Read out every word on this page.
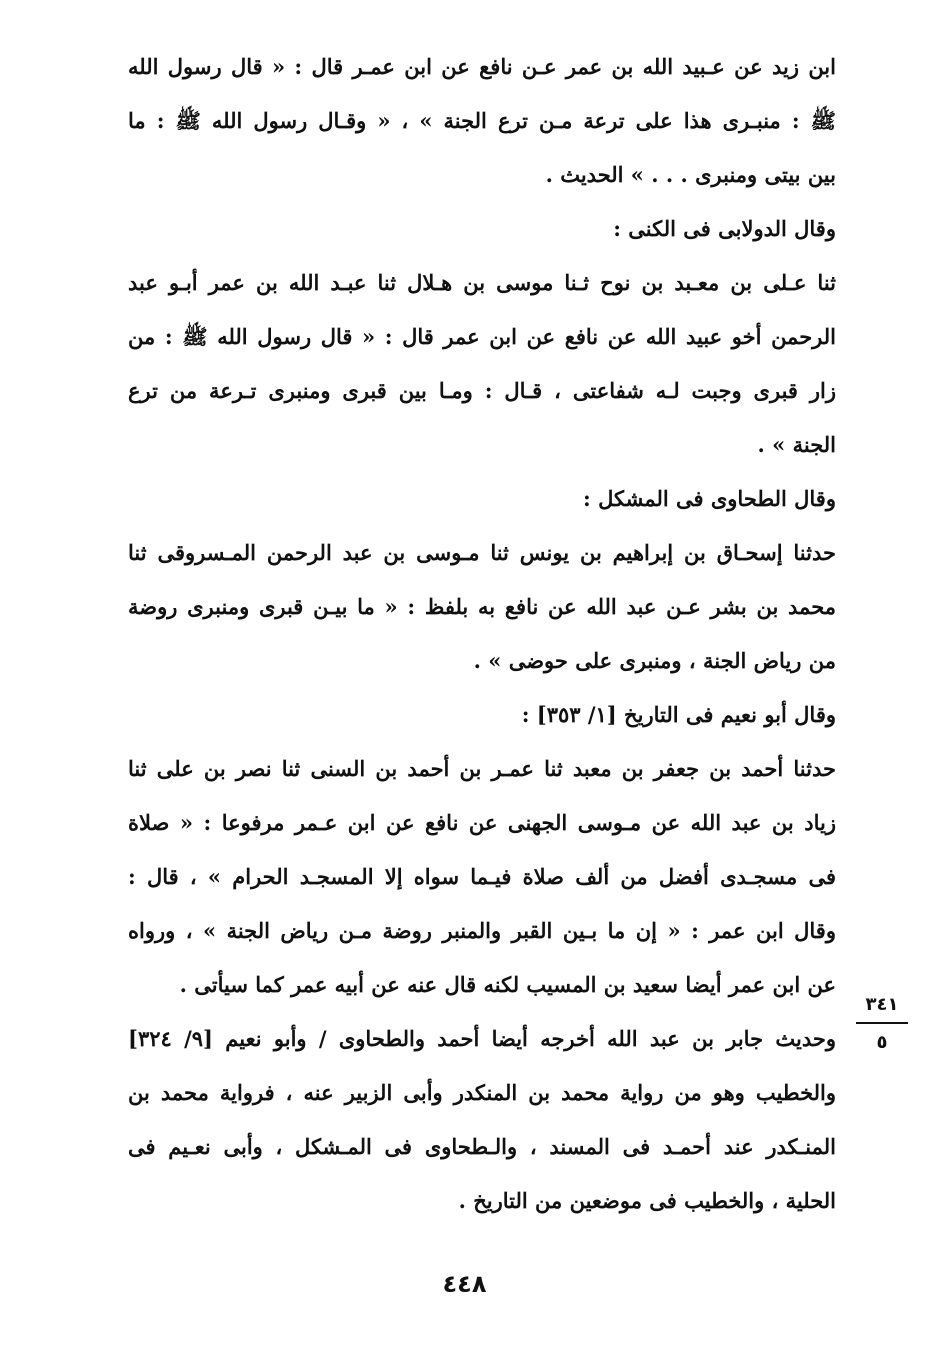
ابن زيد عن عـبيد الله بن عمر عـن نافع عن ابن عمـر قال : « قال رسول الله
ﷺ : منبـرى هذا على ترعة مـن ترع الجنة » ، « وقـال رسول الله ﷺ : ما
بين بيتى ومنبرى . . . » الحديث .
وقال الدولابى فى الكنى :
ثنا عـلى بن معـبد بن نوح ثـنا موسى بن هـلال ثنا عبـد الله بن عمر أبـو عبد
الرحمن أخو عبيد الله عن نافع عن ابن عمر قال : « قال رسول الله ﷺ : من
زار قبرى وجبت لـه شفاعتى ، قـال : ومـا بين قبرى ومنبرى تـرعة من ترع
الجنة » .
وقال الطحاوى فى المشكل :
حدثنا إسحـاق بن إبراهيم بن يونس ثنا مـوسى بن عبد الرحمن المـسروقى ثنا
محمد بن بشر عـن عبد الله عن نافع به بلفظ : « ما بيـن قبرى ومنبرى روضة
من رياض الجنة ، ومنبرى على حوضى » .
وقال أبو نعيم فى التاريخ [١/ ٣٥٣] :
حدثنا أحمد بن جعفر بن معبد ثنا عمـر بن أحمد بن السنى ثنا نصر بن على ثنا
زياد بن عبد الله عن مـوسى الجهنى عن نافع عن ابن عـمر مرفوعا : « صلاة
فى مسجـدى أفضل من ألف صلاة فيـما سواه إلا المسجـد الحرام » ، قال :
وقال ابن عمر : « إن ما بـين القبر والمنبر روضة مـن رياض الجنة » ، ورواه
عن ابن عمر أيضا سعيد بن المسيب لكنه قال عنه عن أبيه عمر كما سيأتى .
وحديث جابر بن عبد الله أخرجه أيضا أحمد والطحاوى / وأبو نعيم [٩/ ٣٢٤]
والخطيب وهو من رواية محمد بن المنكدر وأبى الزبير عنه ، فرواية محمد بن
المنـكدر عند أحمـد فى المسند ، والـطحاوى فى المـشكل ، وأبى نعـيم فى
الحلية ، والخطيب فى موضعين من التاريخ .
٣٤١
٥
٤٤٨
